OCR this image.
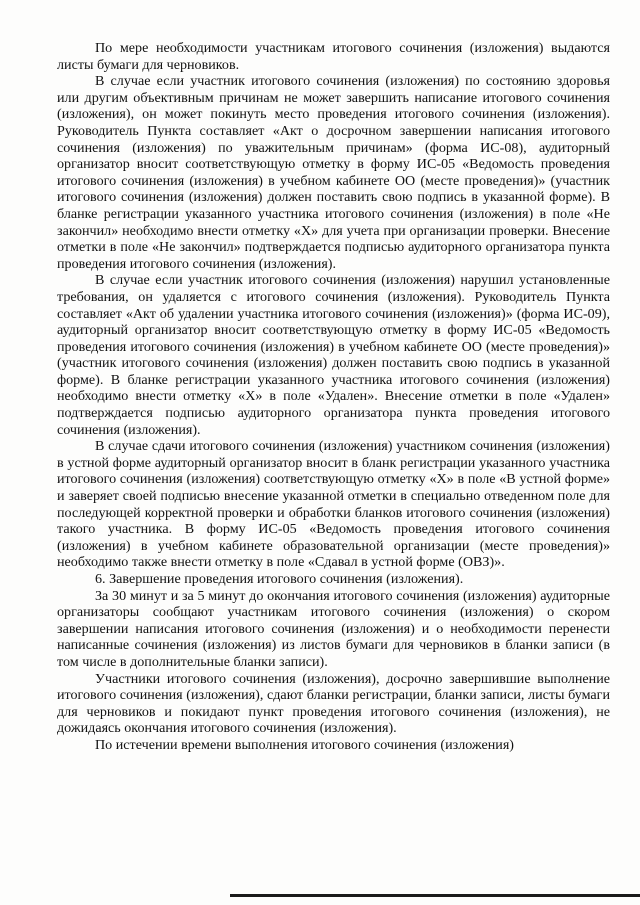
По мере необходимости участникам итогового сочинения (изложения) выдаются листы бумаги для черновиков.

В случае если участник итогового сочинения (изложения) по состоянию здоровья или другим объективным причинам не может завершить написание итогового сочинения (изложения), он может покинуть место проведения итогового сочинения (изложения). Руководитель Пункта составляет «Акт о досрочном завершении написания итогового сочинения (изложения) по уважительным причинам» (форма ИС-08), аудиторный организатор вносит соответствующую отметку в форму ИС-05 «Ведомость проведения итогового сочинения (изложения) в учебном кабинете ОО (месте проведения)» (участник итогового сочинения (изложения) должен поставить свою подпись в указанной форме). В бланке регистрации указанного участника итогового сочинения (изложения) в поле «Не закончил» необходимо внести отметку «Х» для учета при организации проверки. Внесение отметки в поле «Не закончил» подтверждается подписью аудиторного организатора пункта проведения итогового сочинения (изложения).

В случае если участник итогового сочинения (изложения) нарушил установленные требования, он удаляется с итогового сочинения (изложения). Руководитель Пункта составляет «Акт об удалении участника итогового сочинения (изложения)» (форма ИС-09), аудиторный организатор вносит соответствующую отметку в форму ИС-05 «Ведомость проведения итогового сочинения (изложения) в учебном кабинете ОО (месте проведения)» (участник итогового сочинения (изложения) должен поставить свою подпись в указанной форме). В бланке регистрации указанного участника итогового сочинения (изложения) необходимо внести отметку «Х» в поле «Удален». Внесение отметки в поле «Удален» подтверждается подписью аудиторного организатора пункта проведения итогового сочинения (изложения).

В случае сдачи итогового сочинения (изложения) участником сочинения (изложения) в устной форме аудиторный организатор вносит в бланк регистрации указанного участника итогового сочинения (изложения) соответствующую отметку «Х» в поле «В устной форме» и заверяет своей подписью внесение указанной отметки в специально отведенном поле для последующей корректной проверки и обработки бланков итогового сочинения (изложения) такого участника. В форму ИС-05 «Ведомость проведения итогового сочинения (изложения) в учебном кабинете образовательной организации (месте проведения)» необходимо также внести отметку в поле «Сдавал в устной форме (ОВЗ)».

6. Завершение проведения итогового сочинения (изложения).

За 30 минут и за 5 минут до окончания итогового сочинения (изложения) аудиторные организаторы сообщают участникам итогового сочинения (изложения) о скором завершении написания итогового сочинения (изложения) и о необходимости перенести написанные сочинения (изложения) из листов бумаги для черновиков в бланки записи (в том числе в дополнительные бланки записи).

Участники итогового сочинения (изложения), досрочно завершившие выполнение итогового сочинения (изложения), сдают бланки регистрации, бланки записи, листы бумаги для черновиков и покидают пункт проведения итогового сочинения (изложения), не дожидаясь окончания итогового сочинения (изложения).

По истечении времени выполнения итогового сочинения (изложения)
